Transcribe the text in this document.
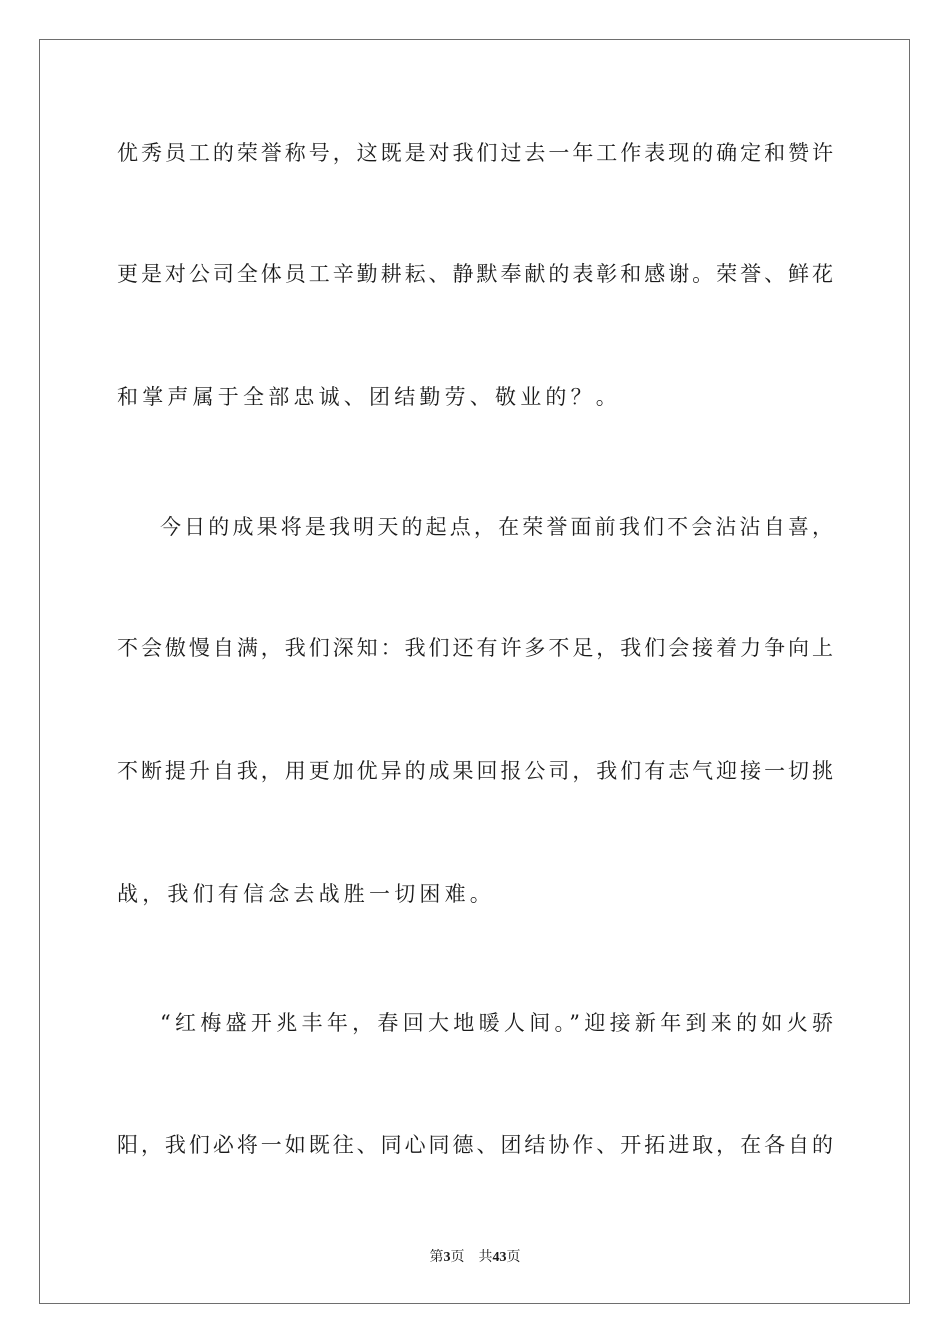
优秀员工的荣誉称号，这既是对我们过去一年工作表现的确定和赞许
更是对公司全体员工辛勤耕耘、静默奉献的表彰和感谢。荣誉、鲜花
和掌声属于全部忠诚、团结勤劳、敬业的？。
今日的成果将是我明天的起点，在荣誉面前我们不会沾沾自喜，
不会傲慢自满，我们深知：我们还有许多不足，我们会接着力争向上
不断提升自我，用更加优异的成果回报公司，我们有志气迎接一切挑
战，我们有信念去战胜一切困难。
“红梅盛开兆丰年，春回大地暖人间。”迎接新年到来的如火骄
阳，我们必将一如既往、同心同德、团结协作、开拓进取，在各自的
第3页 共43页
